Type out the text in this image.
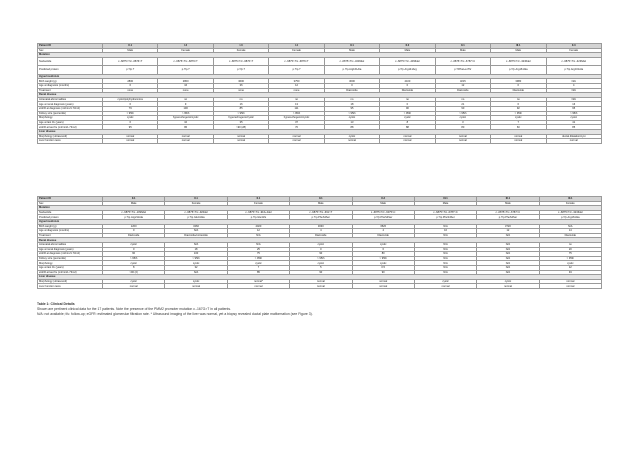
Patient ID	II.1	I.2	I.3	I.4	II.1	II.2	II.1	III.1	II.3
Sex	Male	Female	Female	Female	Male	Male	Male	Male	Female
Mutation									
Nucleotide	c.-6875>T/c.-6876>T	c.-6875>T/c.-6876>T	c.-6875>T/c.-6876>T	c.-6875>T/c.-6876>T	c.-6875>T/c.-3236del	c.-6875>T/c.-4396del	c.-6875>T/c.-6787>C	c.-6875>T/c.-3236del	c.-6875>T/c.-3236del
Predicted protein	p.?/p.?	p.?/p.?	p.?/p.?	p.?/p.?	p.?/p.Arg161Ala	p.?/p.Arg141Arg	p.?/PheLeuThr	p.?/p.Arg161Ala	p.?/p.Arg161Ala
Hyperinsulinism									
Birth weight (g)	2800	2800	3600	3750	3000	4100	3215	3980	N/A
Age at diagnosis (months)	6	16	36	12	0	0	12	0	4
Treatment	none	none	none	none	Diazoxide	Diazoxide	Diazoxide	Diazoxide	N/A
Renal disease									
Antenatal abnormalities	cystic/polyhydramnios	no	no	no	no	no	no	no	N/A
Age at renal diagnosis (years)	6	9	16	13	18	0	21	6	16
eGFR at diagnosis (ml/min/1.73m2)	79	100	85	111	95	90	90	92	95
Kidney size (percentile)	> 95th	> 95th	> 95th	> 95th	> 95th	> 95th	> 95th	> 95th	> 95th
Morphology	cystic	hyperechogenic/cystic	hyperechogenic/cystic	hyperechogenic/cystic	cystic	cystic	cystic	cystic	cystic
Age at last f/u (years)	6	10	35	37	13	8	3	7	41
eGFR at last f/u (ml/min/1.73m2)	95	86	>90 (28)	70	88	88	80	60	85
Liver disease									
Morphology (ultrasound)	normal	normal	normal	normal	cystic	normal	normal	normal	ductal dilatation/cyst
Liver function tests	normal	normal	normal	normal	normal	normal	normal	normal	normal
Patient ID	II.1	II.1	II.1	II.1	II.3	III.1	III.1	III.1
Sex	Male	Female	Female	Male	Male	Male	Male	Female
Mutation								
Nucleotide	c.-6875>T/c.-1096del	c.-6875>T/c.-920del	c.-6875>T/c.-916+4del	c.-6875>T/c.-691>T	c.-6875>T/c.-6075>C	c.-6875>T/c.-6787>C	c.-6875>T/c.-6787>C	c.-6875>T/c.-3236del
Predicted protein	p.?/p.Arg211Ala	p.?/p.Glu41Ala	p.?/p.Glu41fs	p.?/p.PheS4Ser	p.?/p.PheS4Ser	p.?/p.PheS4Ser	p.?/p.PheS4Ser	p.?/p.Arg161Ala
Hyperinsulinism								
Birth weight (g)	1200	3260	4020	3030	3520	N/A	3720	N/A
Age at diagnosis (months)	0	N/A	12	4	4	16	12	14
Treatment	Diazoxide	Diazoxide/octreotide	N/A	Diazoxide	Diazoxide	N/A	N/A	Diazoxide
Renal disease								
Antenatal abnormalities	cystic	N/A	N/A	cystic	cystic	N/A	N/A	no
Age at renal diagnosis (years)	0	18	25	0	6	N/A	N/A	20
eGFR at diagnosis (ml/min/1.73m2)	60	100	75	90	80	N/A	N/A	75
Kidney size (percentile)	> 95th	> 95th	> 95th	> 95th	> 95th	N/A	N/A	> 95th
Morphology	cystic	cystic	cystic	cystic	cystic	N/A	N/A	cystic
Age at last f/u (years)	8	32	7	5	0.5	N/A	N/A	12
eGFR at last f/u (ml/min/1.73m2)	>90 (2)	N/A	85	90	90	N/A	N/A	94
Liver disease								
Morphology (ultrasound)	cystic	cystic	normal*	normal	normal	cystic	cystic	normal
Liver function tests	normal	normal	normal	normal	normal	normal	normal	normal
Table 1: Clinical Details
Shown are pertinent clinical data for the 17 patients. Note the presence of the PMM2 promoter mutation c.-167G>T in all patients.
N/A: not available; f/u: follow-up; eGFR: estimated glomerular filtration rate. * Ultrasound imaging of the liver was normal, yet a biopsy revealed ductal plate malformation (see Figure 3).
